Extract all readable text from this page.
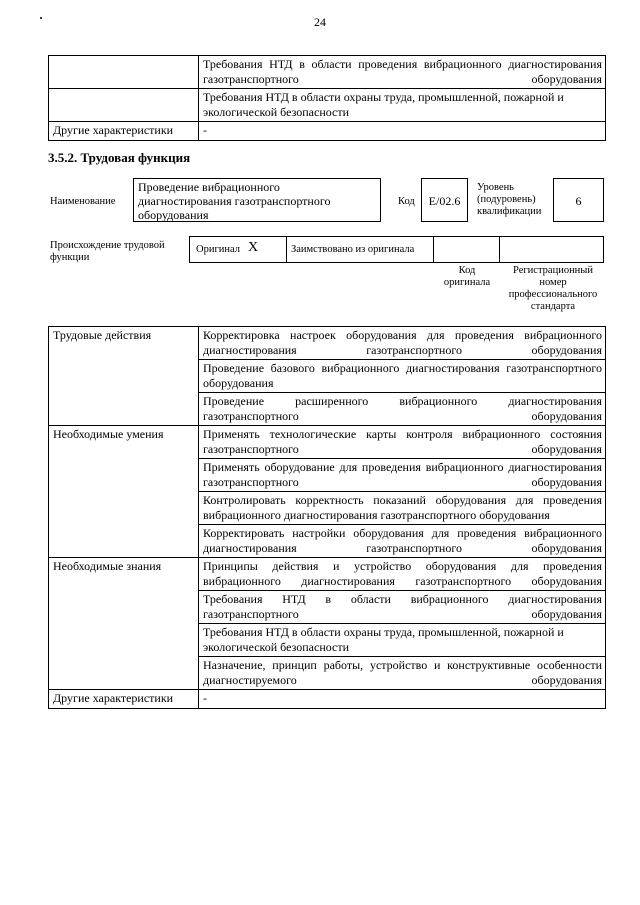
24

	Требования НТД в области проведения вибрационного диагностирования газотранспортного оборудования

	Требования НТД в области охраны труда, промышленной, пожарной и экологической безопасности
Другие характеристики	-
3.5.2. Трудовая функция
Наименование
Проведение вибрационного диагностирования газотранспортного оборудования
Код	E/02.6
Уровень (подуровень) квалификации
6
Происхождение трудовой функции
Оригинал X	Заимствовано из оригинала
Код оригинала
Регистрационный номер профессионального стандарта
Трудовые действия	Корректировка настроек оборудования для проведения вибрационного диагностирования газотранспортного оборудования

	Проведение базового вибрационного диагностирования газотранспортного оборудования

	Проведение расширенного вибрационного диагностирования газотранспортного оборудования

Необходимые умения	Применять технологические карты контроля вибрационного состояния газотранспортного оборудования

	Применять оборудование для проведения вибрационного диагностирования газотранспортного оборудования

	Контролировать корректность показаний оборудования для проведения вибрационного диагностирования газотранспортного оборудования

	Корректировать настройки оборудования для проведения вибрационного диагностирования газотранспортного оборудования

Необходимые знания	Принципы действия и устройство оборудования для проведения вибрационного диагностирования газотранспортного оборудования

	Требования НТД в области вибрационного диагностирования газотранспортного оборудования

	Требования НТД в области охраны труда, промышленной, пожарной и экологической безопасности

	Назначение, принцип работы, устройство и конструктивные особенности диагностируемого оборудования

Другие характеристики	-
